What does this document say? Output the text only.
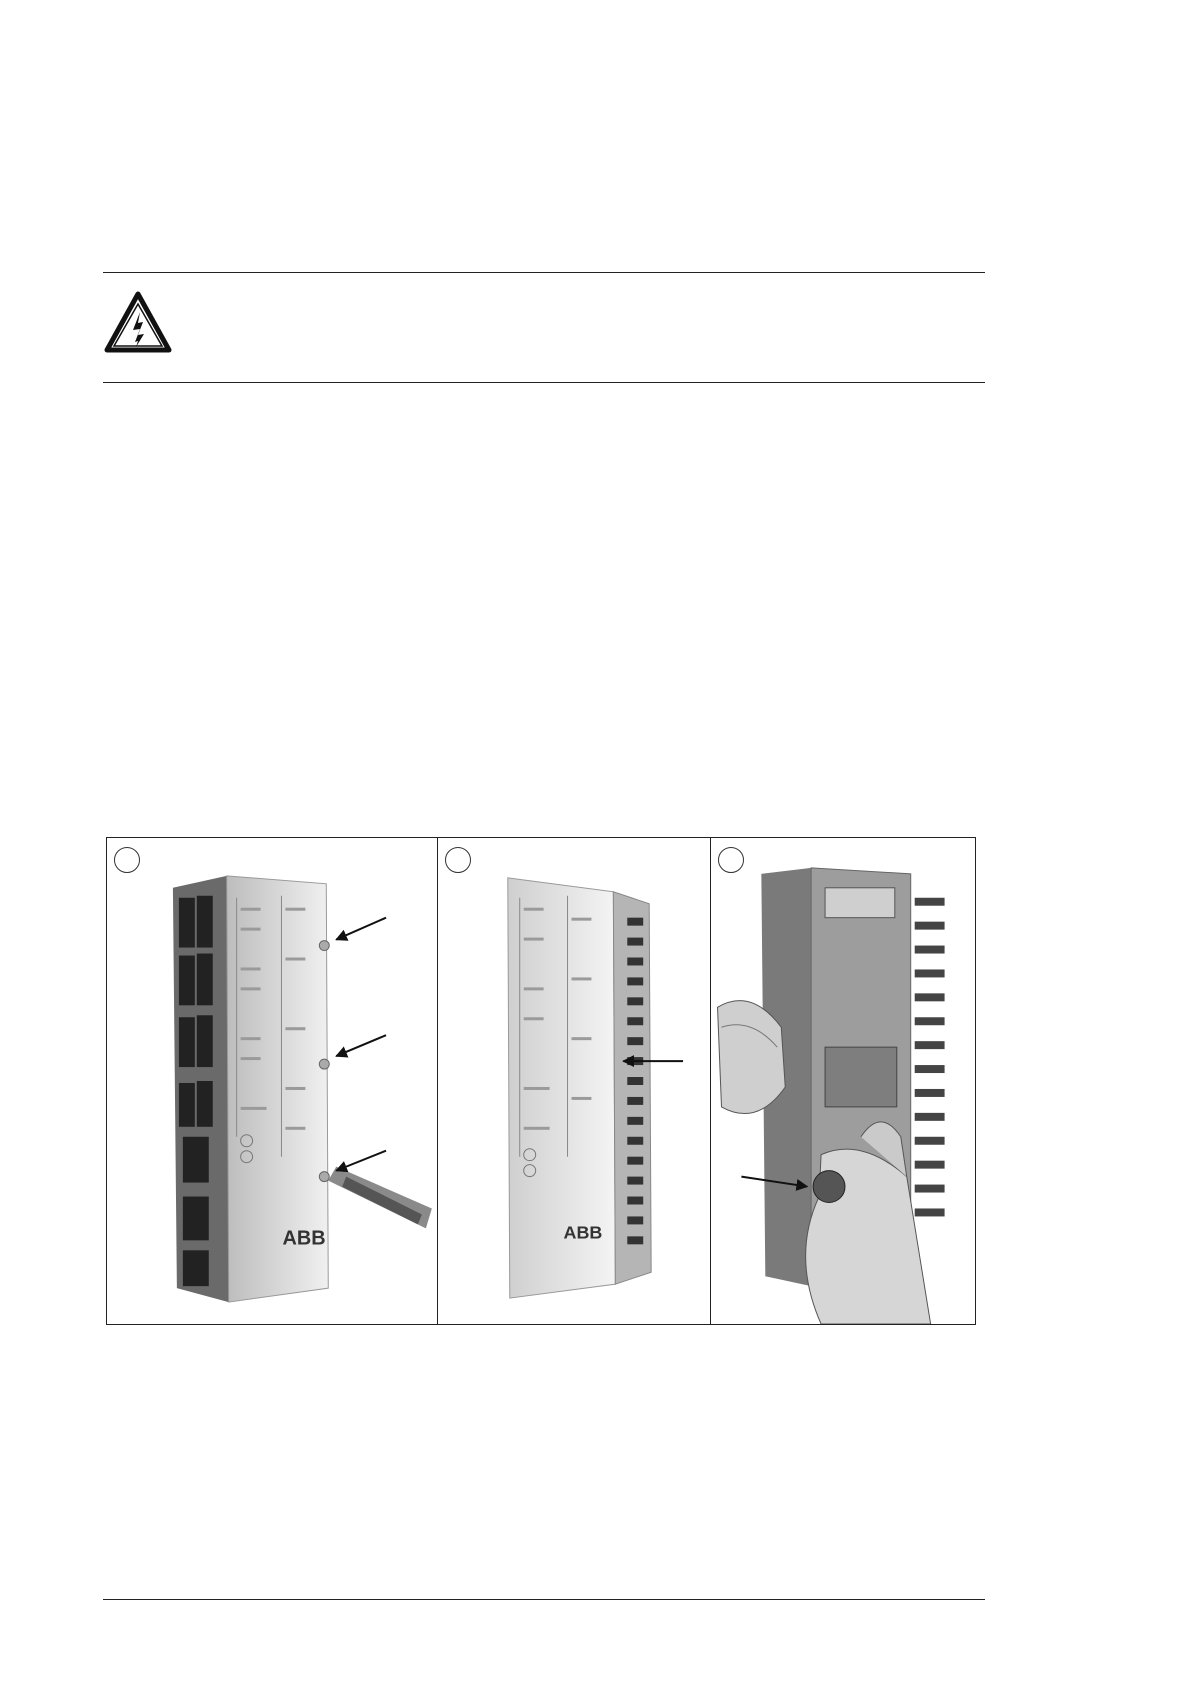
ABB	ABB
